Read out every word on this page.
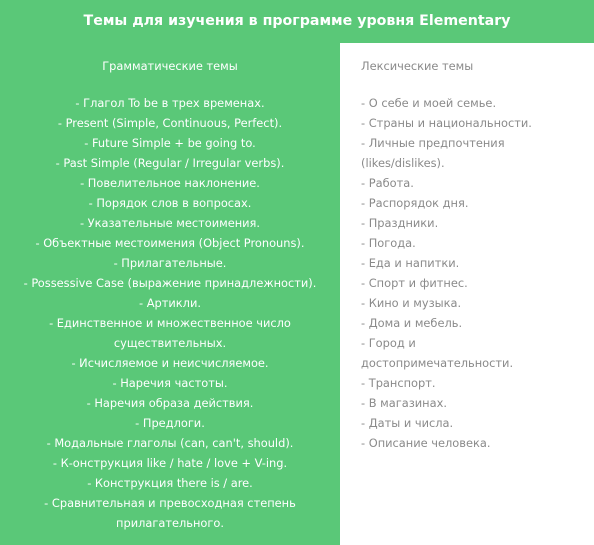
Темы для изучения в программе уровня Elementary
Грамматические темы
- Глагол To be в трех временах.
- Present (Simple, Continuous, Perfect).
- Future Simple + be going to.
- Past Simple (Regular / Irregular verbs).
- Повелительное наклонение.
- Порядок слов в вопросах.
- Указательные местоимения.
- Объектные местоимения (Object Pronouns).
- Прилагательные.
- Possessive Case (выражение принадлежности).
- Артикли.
- Единственное и множественное число
существительных.
- Исчисляемое и неисчисляемое.
- Наречия частоты.
- Наречия образа действия.
- Предлоги.
- Модальные глаголы (can, can't, should).
- К-онструкция like / hate / love + V-ing.
- Конструкция there is / are.
- Сравнительная и превосходная степень
прилагательного.
Лексические темы
- О себе и моей семье.
- Страны и национальности.
- Личные предпочтения
(likes/dislikes).
- Работа.
- Распорядок дня.
- Праздники.
- Погода.
- Еда и напитки.
- Спорт и фитнес.
- Кино и музыка.
- Дома и мебель.
- Город и
достопримечательности.
- Транспорт.
- В магазинах.
- Даты и числа.
- Описание человека.
